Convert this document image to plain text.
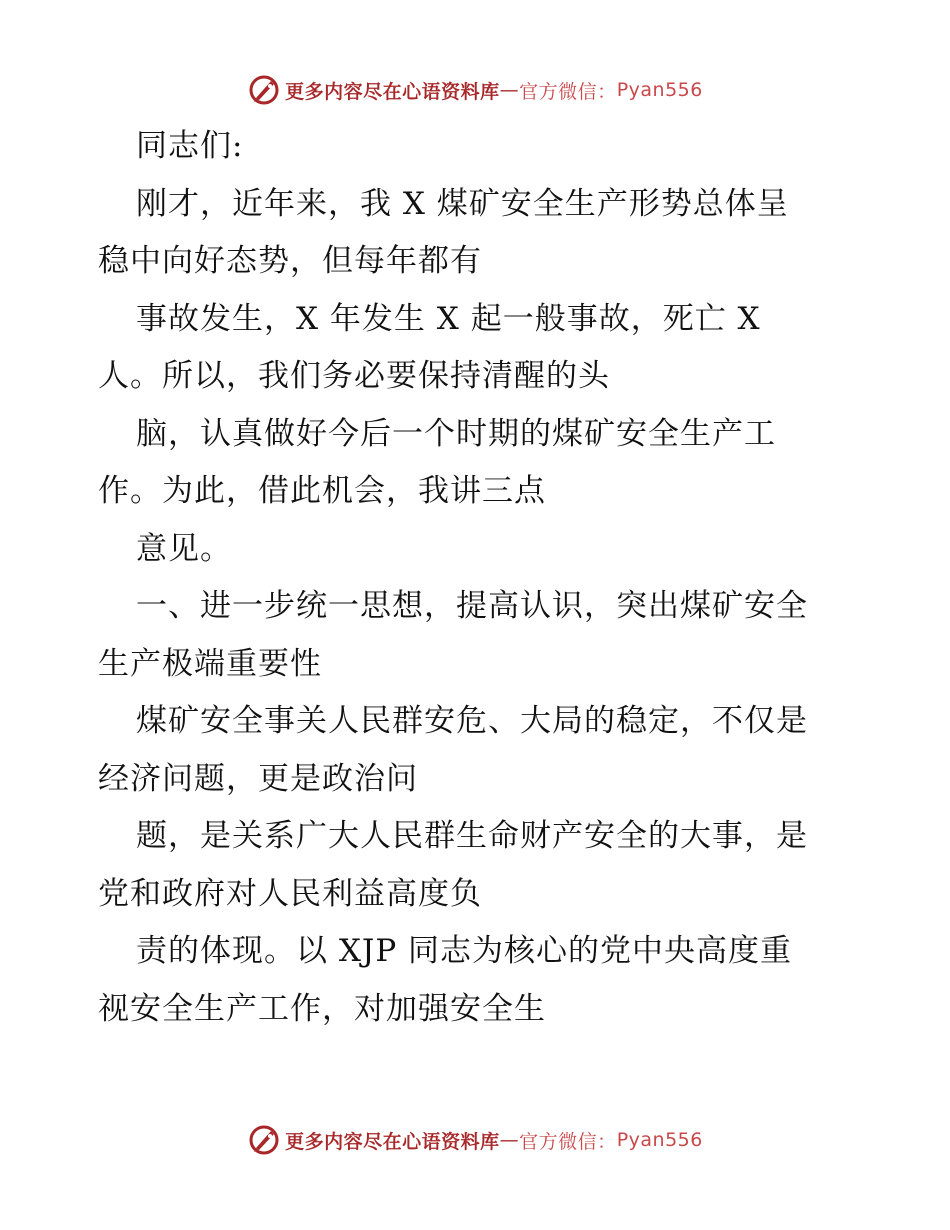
更多内容尽在心语资料库 — 官方微信： Pyan556
同志们:
刚才，近年来，我 X 煤矿安全生产形势总体呈
稳中向好态势，但每年都有
事故发生，X 年发生 X 起一般事故，死亡 X
人。所以，我们务必要保持清醒的头
脑，认真做好今后一个时期的煤矿安全生产工
作。为此，借此机会，我讲三点
意见。
一、进一步统一思想，提高认识，突出煤矿安全
生产极端重要性
煤矿安全事关人民群安危、大局的稳定，不仅是
经济问题，更是政治问
题，是关系广大人民群生命财产安全的大事，是
党和政府对人民利益高度负
责的体现。以 XJP 同志为核心的党中央高度重
视安全生产工作，对加强安全生
更多内容尽在心语资料库 — 官方微信： Pyan556
